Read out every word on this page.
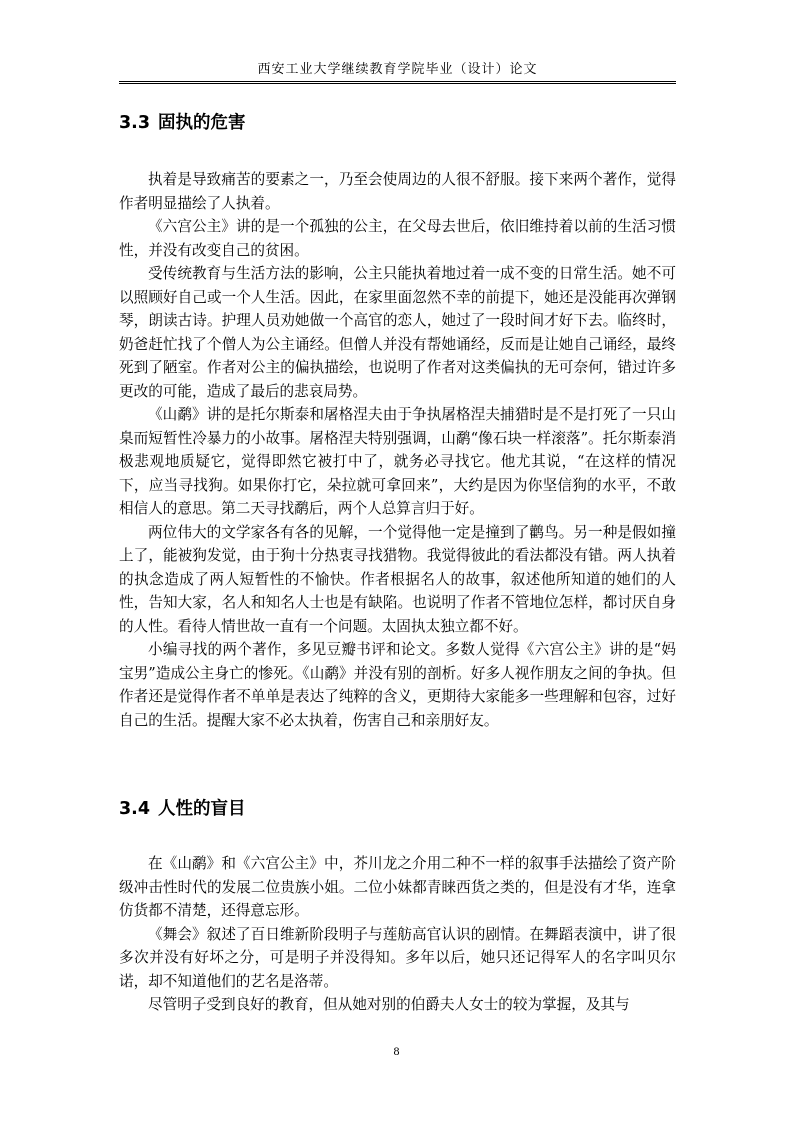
西安工业大学继续教育学院毕业（设计）论文
3.3 固执的危害

执着是导致痛苦的要素之一，乃至会使周边的人很不舒服。接下来两个著作，觉得作者明显描绘了人执着。

《六宫公主》讲的是一个孤独的公主，在父母去世后，依旧维持着以前的生活习惯性，并没有改变自己的贫困。

受传统教育与生活方法的影响，公主只能执着地过着一成不变的日常生活。她不可以照顾好自己或一个人生活。因此，在家里面忽然不幸的前提下，她还是没能再次弹钢琴，朗读古诗。护理人员劝她做一个高官的恋人，她过了一段时间才好下去。临终时，奶爸赶忙找了个僧人为公主诵经。但僧人并没有帮她诵经，反而是让她自己诵经，最终死到了陋室。作者对公主的偏执描绘，也说明了作者对这类偏执的无可奈何，错过许多更改的可能，造成了最后的悲哀局势。

《山鹬》讲的是托尔斯泰和屠格涅夫由于争执屠格涅夫捕猎时是不是打死了一只山臬而短暂性冷暴力的小故事。屠格涅夫特别强调，山鹬“像石块一样滚落”。托尔斯泰消极悲观地质疑它，觉得即然它被打中了，就务必寻找它。他尤其说，“在这样的情况下，应当寻找狗。如果你打它，朵拉就可拿回来”，大约是因为你坚信狗的水平，不敢相信人的意思。第二天寻找鹬后，两个人总算言归于好。

两位伟大的文学家各有各的见解，一个觉得他一定是撞到了鹳鸟。另一种是假如撞上了，能被狗发觉，由于狗十分热衷寻找猎物。我觉得彼此的看法都没有错。两人执着的执念造成了两人短暂性的不愉快。作者根据名人的故事，叙述他所知道的她们的人性，告知大家，名人和知名人士也是有缺陷。也说明了作者不管地位怎样，都讨厌自身的人性。看待人情世故一直有一个问题。太固执太独立都不好。

小编寻找的两个著作，多见豆瓣书评和论文。多数人觉得《六宫公主》讲的是“妈宝男”造成公主身亡的惨死。《山鹬》并没有别的剖析。好多人视作朋友之间的争执。但作者还是觉得作者不单单是表达了纯粹的含义，更期待大家能多一些理解和包容，过好自己的生活。提醒大家不必太执着，伤害自己和亲朋好友。

3.4 人性的盲目

在《山鹬》和《六宫公主》中，芥川龙之介用二种不一样的叙事手法描绘了资产阶级冲击性时代的发展二位贵族小姐。二位小妹都青睐西货之类的，但是没有才华，连拿仿货都不清楚，还得意忘形。

《舞会》叙述了百日维新阶段明子与莲舫高官认识的剧情。在舞蹈表演中，讲了很多次并没有好坏之分，可是明子并没得知。多年以后，她只还记得军人的名字叫贝尔诺，却不知道他们的艺名是洛蒂。

尽管明子受到良好的教育，但从她对别的伯爵夫人女士的较为掌握，及其与

8
